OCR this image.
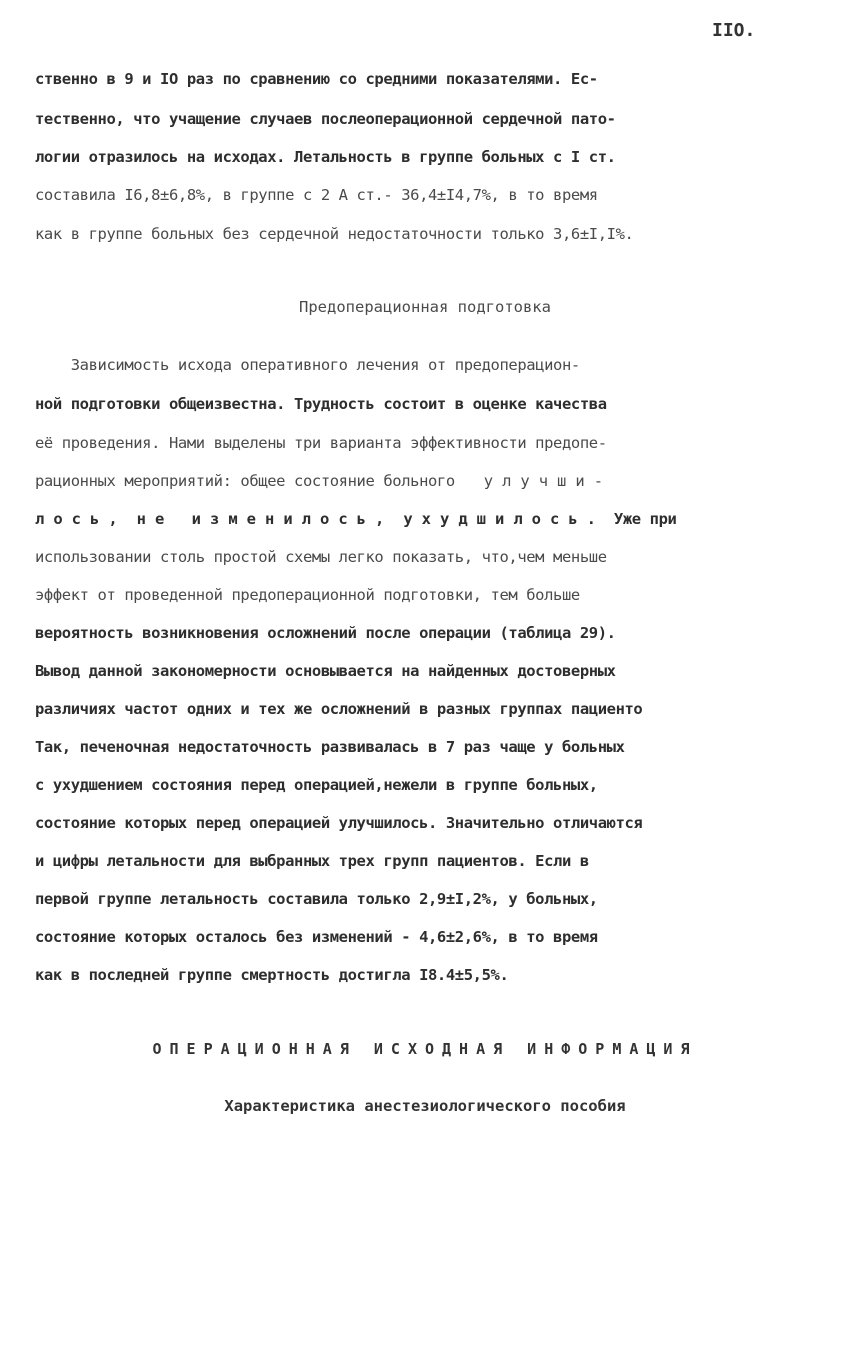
IIO.
ственно в 9 и IO раз по сравнению со средними показателями. Ес-
тественно, что учащение случаев послеоперационной сердечной пато-
логии отразилось на исходах. Летальность в группе больных с I ст.
составила I6,8±6,8%, в группе с 2 А ст.- 36,4±I4,7%, в то время
как в группе больных без сердечной недостаточности только 3,6±I,I%.
Предоперационная подготовка
Зависимость исхода оперативного лечения от предоперацион-
ной подготовки общеизвестна. Трудность состоит в оценке качества
её проведения. Нами выделены три варианта эффективности предопе-
рационных мероприятий: общее состояние больного улучши-
лось, не изменилось, ухудшилось. Уже при
использовании столь простой схемы легко показать, что,чем меньше
эффект от проведенной предоперационной подготовки, тем больше
вероятность возникновения осложнений после операции (таблица 29).
Вывод данной закономерности основывается на найденных достоверных
различиях частот одних и тех же осложнений в разных группах пациенто
Так, печеночная недостаточность развивалась в 7 раз чаще у больных
с ухудшением состояния перед операцией,нежели в группе больных,
состояние которых перед операцией улучшилось. Значительно отличаются
и цифры летальности для выбранных трех групп пациентов. Если в
первой группе летальность составила только 2,9±I,2%, у больных,
состояние которых осталось без изменений - 4,6±2,6%, в то время
как в последней группе смертность достигла I8.4±5,5%.
ОПЕРАЦИОННАЯ ИСХОДНАЯ ИНФОРМАЦИЯ
Характеристика анестезиологического пособия
